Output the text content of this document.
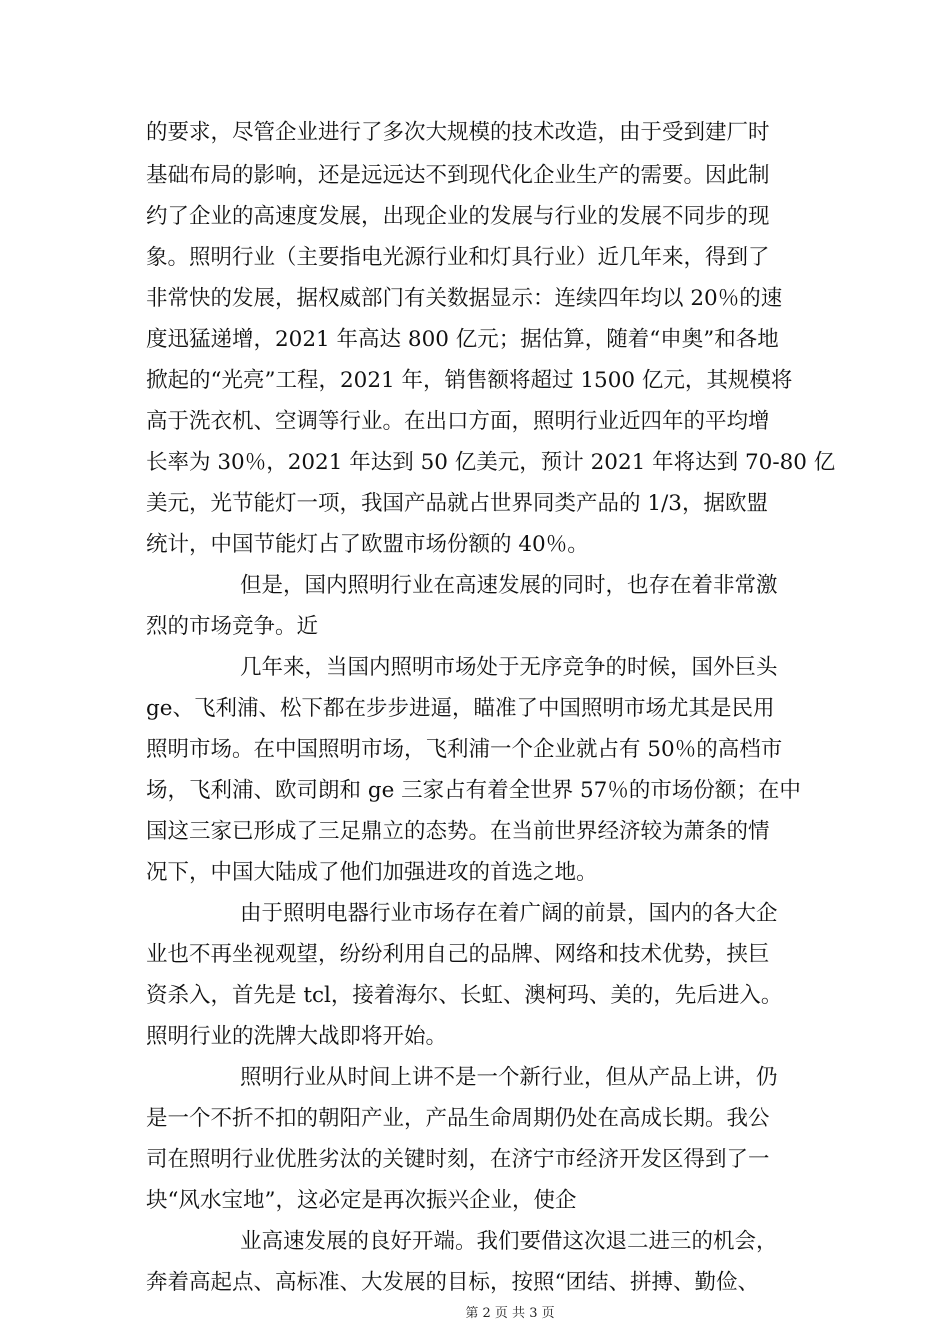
的要求，尽管企业进行了多次大规模的技术改造，由于受到建厂时
基础布局的影响，还是远远达不到现代化企业生产的需要。因此制
约了企业的高速度发展，出现企业的发展与行业的发展不同步的现
象。照明行业（主要指电光源行业和灯具行业）近几年来，得到了
非常快的发展，据权威部门有关数据显示：连续四年均以 20％的速
度迅猛递增，2021 年高达 800 亿元；据估算，随着“申奥”和各地
掀起的“光亮”工程，2021 年，销售额将超过 1500 亿元，其规模将
高于洗衣机、空调等行业。在出口方面，照明行业近四年的平均增
长率为 30％，2021 年达到 50 亿美元，预计 2021 年将达到 70-80 亿
美元，光节能灯一项，我国产品就占世界同类产品的 1/3，据欧盟
统计，中国节能灯占了欧盟市场份额的 40％。
但是，国内照明行业在高速发展的同时，也存在着非常激
烈的市场竞争。近
几年来，当国内照明市场处于无序竞争的时候，国外巨头
ge、飞利浦、松下都在步步进逼，瞄准了中国照明市场尤其是民用
照明市场。在中国照明市场，飞利浦一个企业就占有 50％的高档市
场，飞利浦、欧司朗和 ge 三家占有着全世界 57％的市场份额；在中
国这三家已形成了三足鼎立的态势。在当前世界经济较为萧条的情
况下，中国大陆成了他们加强进攻的首选之地。
由于照明电器行业市场存在着广阔的前景，国内的各大企
业也不再坐视观望，纷纷利用自己的品牌、网络和技术优势，挟巨
资杀入，首先是 tcl，接着海尔、长虹、澳柯玛、美的，先后进入。
照明行业的洗牌大战即将开始。
照明行业从时间上讲不是一个新行业，但从产品上讲，仍
是一个不折不扣的朝阳产业，产品生命周期仍处在高成长期。我公
司在照明行业优胜劣汰的关键时刻，在济宁市经济开发区得到了一
块“风水宝地”，这必定是再次振兴企业，使企
业高速发展的良好开端。我们要借这次退二进三的机会，
奔着高起点、高标准、大发展的目标，按照“团结、拼搏、勤俭、
第 2 页 共 3 页
